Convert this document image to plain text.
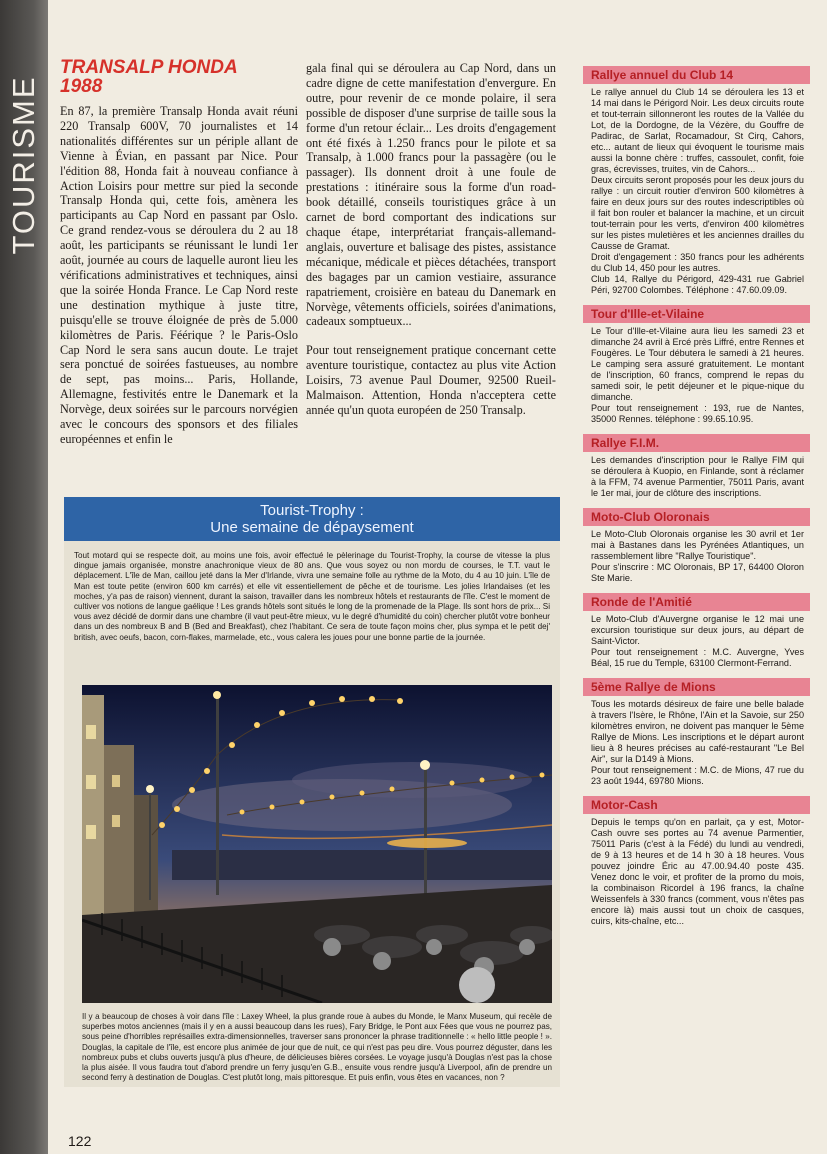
TOURISME
TRANSALP HONDA
1988

En 87, la première Transalp Honda avait réuni 220 Transalp 600V, 70 journalistes et 14 nationalités différentes sur un périple allant de Vienne à Évian, en passant par Nice. Pour l'édition 88, Honda fait à nouveau confiance à Action Loisirs pour mettre sur pied la seconde Transalp Honda qui, cette fois, amènera les participants au Cap Nord en passant par Oslo. Ce grand rendez-vous se déroulera du 2 au 18 août, les participants se réunissant le lundi 1er août, journée au cours de laquelle auront lieu les vérifications administratives et techniques, ainsi que la soirée Honda France. Le Cap Nord reste une destination mythique à juste titre, puisqu'elle se trouve éloignée de près de 5.000 kilomètres de Paris. Féérique ? le Paris-Oslo Cap Nord le sera sans aucun doute. Le trajet sera ponctué de soirées fastueuses, au nombre de sept, pas moins... Paris, Hollande, Allemagne, festivités entre le Danemark et la Norvège, deux soirées sur le parcours norvégien avec le concours des sponsors et des filiales européennes et enfin le

gala final qui se déroulera au Cap Nord, dans un cadre digne de cette manifestation d'envergure. En outre, pour revenir de ce monde polaire, il sera possible de disposer d'une surprise de taille sous la forme d'un retour éclair... Les droits d'engagement ont été fixés à 1.250 francs pour le pilote et sa Transalp, à 1.000 francs pour la passagère (ou le passager). Ils donnent droit à une foule de prestations : itinéraire sous la forme d'un road-book détaillé, conseils touristiques grâce à un carnet de bord comportant des indications sur chaque étape, interprétariat français-allemand-anglais, ouverture et balisage des pistes, assistance mécanique, médicale et pièces détachées, transport des bagages par un camion vestiaire, assurance rapatriement, croisière en bateau du Danemark en Norvège, vêtements officiels, soirées d'animations, cadeaux somptueux...

Pour tout renseignement pratique concernant cette aventure touristique, contactez au plus vite Action Loisirs, 73 avenue Paul Doumer, 92500 Rueil-Malmaison. Attention, Honda n'acceptera cette année qu'un quota européen de 250 Transalp.

Tourist-Trophy :
Une semaine de dépaysement
Tout motard qui se respecte doit, au moins une fois, avoir effectué le pèlerinage du Tourist-Trophy, la course de vitesse la plus dingue jamais organisée, monstre anachronique vieux de 80 ans. Que vous soyez ou non mordu de courses, le T.T. vaut le déplacement. L'île de Man, caillou jeté dans la Mer d'Irlande, vivra une semaine folle au rythme de la Moto, du 4 au 10 juin. L'île de Man est toute petite (environ 600 km carrés) et elle vit essentiellement de pêche et de tourisme. Les jolies Irlandaises (et les moches, y'a pas de raison) viennent, durant la saison, travailler dans les nombreux hôtels et restaurants de l'île. C'est le moment de cultiver vos notions de langue gaélique ! Les grands hôtels sont situés le long de la promenade de la Plage. Ils sont hors de prix... Si vous avez décidé de dormir dans une chambre (il vaut peut-être mieux, vu le degré d'humidité du coin) chercher plutôt votre bonheur dans un des nombreux B and B (Bed and Breakfast), chez l'habitant. Ce sera de toute façon moins cher, plus sympa et le petit dej' british, avec oeufs, bacon, corn-flakes, marmelade, etc., vous calera les joues pour une bonne partie de la journée.
Il y a beaucoup de choses à voir dans l'île : Laxey Wheel, la plus grande roue à aubes du Monde, le Manx Museum, qui recèle de superbes motos anciennes (mais il y en a aussi beaucoup dans les rues), Fary Bridge, le Pont aux Fées que vous ne pourrez pas, sous peine d'horribles représailles extra-dimensionnelles, traverser sans prononcer la phrase traditionnelle : « hello little people ! ». Douglas, la capitale de l'île, est encore plus animée de jour que de nuit, ce qui n'est pas peu dire. Vous pourrez déguster, dans les nombreux pubs et clubs ouverts jusqu'à plus d'heure, de délicieuses bières corsées. Le voyage jusqu'à Douglas n'est pas la chose la plus aisée. Il vous faudra tout d'abord prendre un ferry jusqu'en G.B., ensuite vous rendre jusqu'à Liverpool, afin de prendre un second ferry à destination de Douglas. C'est plutôt long, mais pittoresque. Et puis enfin, vous êtes en vacances, non ?
Rallye annuel du Club 14

Le rallye annuel du Club 14 se déroulera les 13 et 14 mai dans le Périgord Noir. Les deux circuits route et tout-terrain sillonneront les routes de la Vallée du Lot, de la Dordogne, de la Vézère, du Gouffre de Padirac, de Sarlat, Rocamadour, St Cirq, Cahors, etc... autant de lieux qui évoquent le tourisme mais aussi la bonne chère : truffes, cassoulet, confit, foie gras, écrevisses, truites, vin de Cahors...

Deux circuits seront proposés pour les deux jours du rallye : un circuit routier d'environ 500 kilomètres à faire en deux jours sur des routes indescriptibles où il fait bon rouler et balancer la machine, et un circuit tout-terrain pour les verts, d'environ 400 kilomètres sur les pistes muletières et les anciennes drailles du Causse de Gramat.

Droit d'engagement : 350 francs pour les adhérents du Club 14, 450 pour les autres.

Club 14, Rallye du Périgord, 429-431 rue Gabriel Péri, 92700 Colombes. Téléphone : 47.60.09.09.

Tour d'Ille-et-Vilaine

Le Tour d'Ille-et-Vilaine aura lieu les samedi 23 et dimanche 24 avril à Ercé près Liffré, entre Rennes et Fougères. Le Tour débutera le samedi à 21 heures. Le camping sera assuré gratuitement. Le montant de l'inscription, 60 francs, comprend le repas du samedi soir, le petit déjeuner et le pique-nique du dimanche.

Pour tout renseignement : 193, rue de Nantes, 35000 Rennes. téléphone : 99.65.10.95.

Rallye F.I.M.

Les demandes d'inscription pour le Rallye FIM qui se déroulera à Kuopio, en Finlande, sont à réclamer à la FFM, 74 avenue Parmentier, 75011 Paris, avant le 1er mai, jour de clôture des inscriptions.

Moto-Club Oloronais

Le Moto-Club Oloronais organise les 30 avril et 1er mai à Bastanes dans les Pyrénées Atlantiques, un rassemblement libre "Rallye Touristique".

Pour s'inscrire : MC Oloronais, BP 17, 64400 Oloron Ste Marie.

Ronde de l'Amitié

Le Moto-Club d'Auvergne organise le 12 mai une excursion touristique sur deux jours, au départ de Saint-Victor.

Pour tout renseignement : M.C. Auvergne, Yves Béal, 15 rue du Temple, 63100 Clermont-Ferrand.

5ème Rallye de Mions

Tous les motards désireux de faire une belle balade à travers l'Isère, le Rhône, l'Ain et la Savoie, sur 250 kilomètres environ, ne doivent pas manquer le 5ème Rallye de Mions. Les inscriptions et le départ auront lieu à 8 heures précises au café-restaurant "Le Bel Air", sur la D149 à Mions.

Pour tout renseignement : M.C. de Mions, 47 rue du 23 août 1944, 69780 Mions.

Motor-Cash

Depuis le temps qu'on en parlait, ça y est, Motor-Cash ouvre ses portes au 74 avenue Parmentier, 75011 Paris (c'est à la Fédé) du lundi au vendredi, de 9 à 13 heures et de 14 h 30 à 18 heures. Vous pouvez joindre Éric au 47.00.94.40 poste 435. Venez donc le voir, et profiter de la promo du mois, la combinaison Ricordel à 196 francs, la chaîne Weissenfels à 330 francs (comment, vous n'êtes pas encore là) mais aussi tout un choix de casques, cuirs, kits-chaîne, etc...

122
